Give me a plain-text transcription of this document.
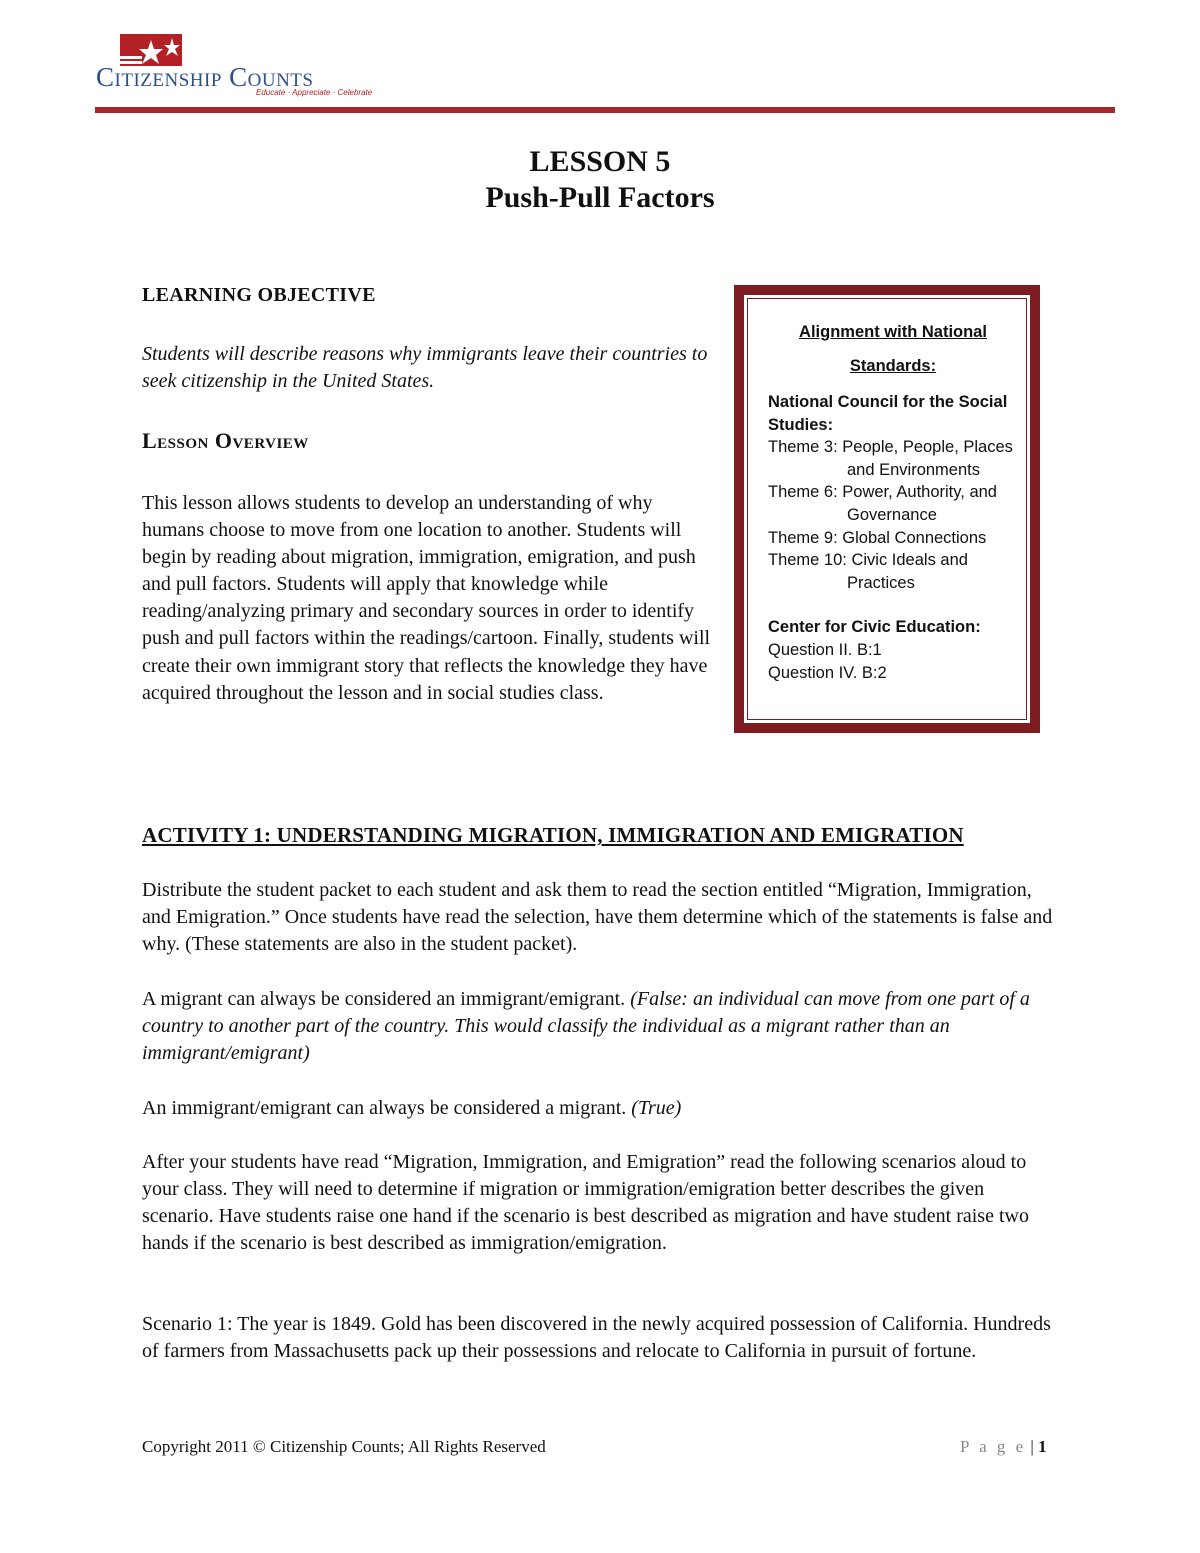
Citizenship Counts
Educate · Appreciate · Celebrate
LESSON 5
Push-Pull Factors
LEARNING OBJECTIVE
Students will describe reasons why immigrants leave their countries to seek citizenship in the United States.
Lesson Overview
This lesson allows students to develop an understanding of why humans choose to move from one location to another. Students will begin by reading about migration, immigration, emigration, and push and pull factors. Students will apply that knowledge while reading/analyzing primary and secondary sources in order to identify push and pull factors within the readings/cartoon. Finally, students will create their own immigrant story that reflects the knowledge they have acquired throughout the lesson and in social studies class.
Alignment with National
Standards:
National Council for the Social Studies:
Theme 3: People, People, Places and Environments
Theme 6: Power, Authority, and Governance
Theme 9: Global Connections
Theme 10: Civic Ideals and Practices
Center for Civic Education:
Question II. B:1
Question IV. B:2
ACTIVITY 1: UNDERSTANDING MIGRATION, IMMIGRATION AND EMIGRATION
Distribute the student packet to each student and ask them to read the section entitled “Migration, Immigration, and Emigration.” Once students have read the selection, have them determine which of the statements is false and why. (These statements are also in the student packet).
A migrant can always be considered an immigrant/emigrant. (False: an individual can move from one part of a country to another part of the country. This would classify the individual as a migrant rather than an immigrant/emigrant)
An immigrant/emigrant can always be considered a migrant. (True)
After your students have read “Migration, Immigration, and Emigration” read the following scenarios aloud to your class. They will need to determine if migration or immigration/emigration better describes the given scenario. Have students raise one hand if the scenario is best described as migration and have student raise two hands if the scenario is best described as immigration/emigration.
Scenario 1: The year is 1849. Gold has been discovered in the newly acquired possession of California. Hundreds of farmers from Massachusetts pack up their possessions and relocate to California in pursuit of fortune.
Copyright 2011 © Citizenship Counts; All Rights Reserved	P a g e | 1
